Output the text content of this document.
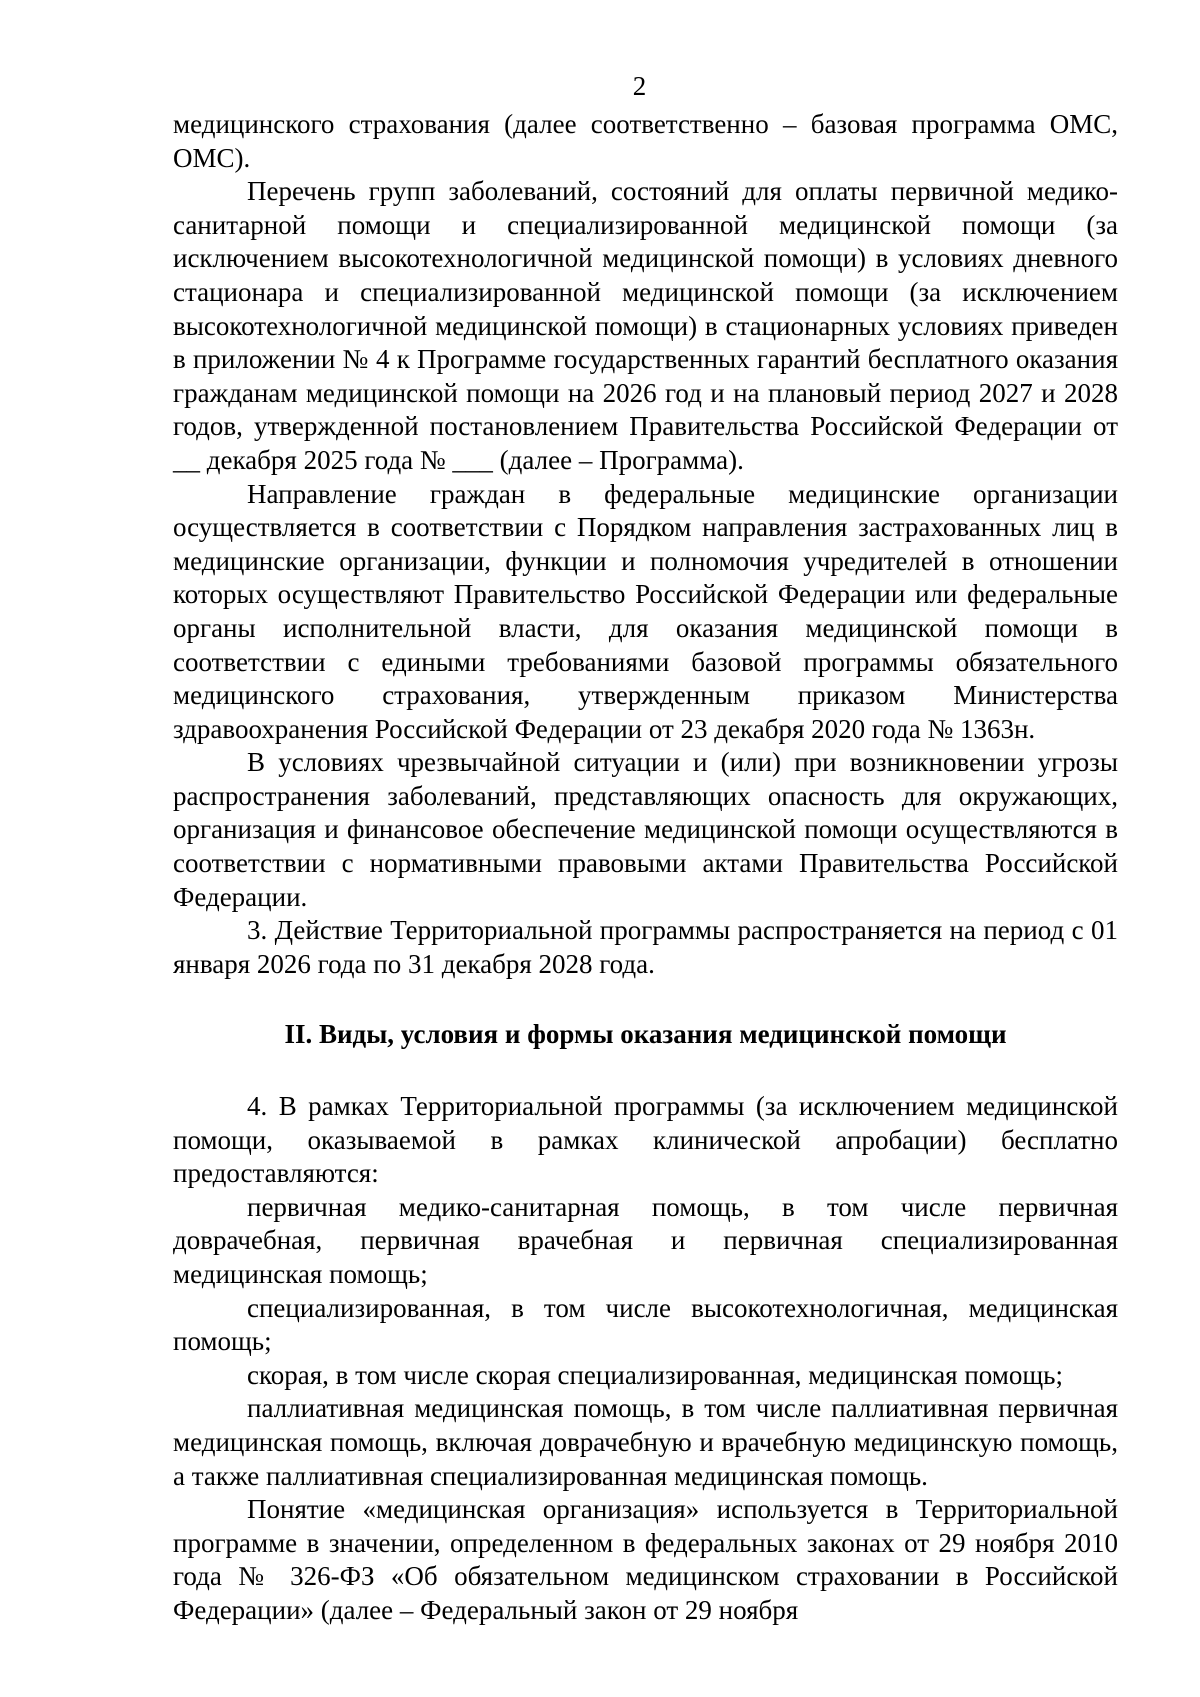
2

медицинского страхования (далее соответственно – базовая программа ОМС, ОМС).

Перечень групп заболеваний, состояний для оплаты первичной медико-санитарной помощи и специализированной медицинской помощи (за исключением высокотехнологичной медицинской помощи) в условиях дневного стационара и специализированной медицинской помощи (за исключением высокотехнологичной медицинской помощи) в стационарных условиях приведен в приложении № 4 к Программе государственных гарантий бесплатного оказания гражданам медицинской помощи на 2026 год и на плановый период 2027 и 2028 годов, утвержденной постановлением Правительства Российской Федерации от __ декабря 2025 года № ___ (далее – Программа).

Направление граждан в федеральные медицинские организации осуществляется в соответствии с Порядком направления застрахованных лиц в медицинские организации, функции и полномочия учредителей в отношении которых осуществляют Правительство Российской Федерации или федеральные органы исполнительной власти, для оказания медицинской помощи в соответствии с едиными требованиями базовой программы обязательного медицинского страхования, утвержденным приказом Министерства здравоохранения Российской Федерации от 23 декабря 2020 года № 1363н.

В условиях чрезвычайной ситуации и (или) при возникновении угрозы распространения заболеваний, представляющих опасность для окружающих, организация и финансовое обеспечение медицинской помощи осуществляются в соответствии с нормативными правовыми актами Правительства Российской Федерации.

3. Действие Территориальной программы распространяется на период с 01 января 2026 года по 31 декабря 2028 года.

II. Виды, условия и формы оказания медицинской помощи

4. В рамках Территориальной программы (за исключением медицинской помощи, оказываемой в рамках клинической апробации) бесплатно предоставляются:

первичная медико-санитарная помощь, в том числе первичная доврачебная, первичная врачебная и первичная специализированная медицинская помощь;

специализированная, в том числе высокотехнологичная, медицинская помощь;

скорая, в том числе скорая специализированная, медицинская помощь;

паллиативная медицинская помощь, в том числе паллиативная первичная медицинская помощь, включая доврачебную и врачебную медицинскую помощь, а также паллиативная специализированная медицинская помощь.

Понятие «медицинская организация» используется в Территориальной программе в значении, определенном в федеральных законах от 29 ноября 2010 года № 326-ФЗ «Об обязательном медицинском страховании в Российской Федерации» (далее – Федеральный закон от 29 ноября
